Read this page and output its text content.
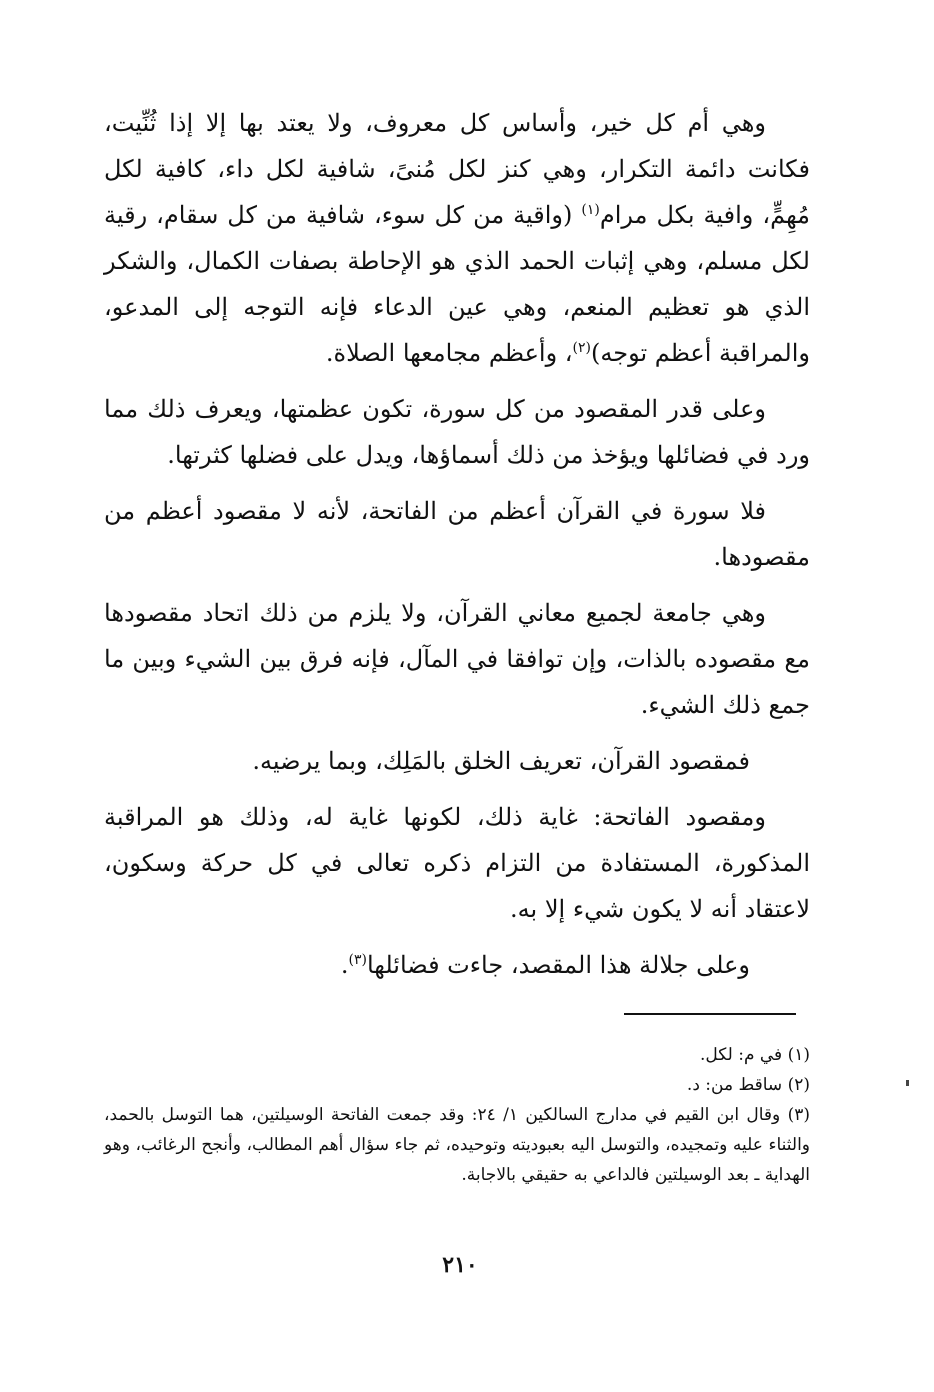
وهي أم كل خير، وأساس كل معروف، ولا يعتد بها إلا إذا ثُنِّيت، فكانت دائمة التكرار، وهي كنز لكل مُنىً، شافية لكل داء، كافية لكل مُهِمٍّ، وافية بكل مرام$^{(١)}$ (واقية من كل سوء، شافية من كل سقام، رقية لكل مسلم، وهي إثبات الحمد الذي هو الإحاطة بصفات الكمال، والشكر الذي هو تعظيم المنعم، وهي عين الدعاء فإنه التوجه إلى المدعو، والمراقبة أعظم توجه)$^{(٢)}$، وأعظم مجامعها الصلاة.

وعلى قدر المقصود من كل سورة، تكون عظمتها، ويعرف ذلك مما ورد في فضائلها ويؤخذ من ذلك أسماؤها، ويدل على فضلها كثرتها.

فلا سورة في القرآن أعظم من الفاتحة، لأنه لا مقصود أعظم من مقصودها.

وهي جامعة لجميع معاني القرآن، ولا يلزم من ذلك اتحاد مقصودها مع مقصوده بالذات، وإن توافقا في المآل، فإنه فرق بين الشيء وبين ما جمع ذلك الشيء.

فمقصود القرآن، تعريف الخلق بالمَلِك، وبما يرضيه.

ومقصود الفاتحة: غاية ذلك، لكونها غاية له، وذلك هو المراقبة المذكورة، المستفادة من التزام ذكره تعالى في كل حركة وسكون، لاعتقاد أنه لا يكون شيء إلا به.

وعلى جلالة هذا المقصد، جاءت فضائلها$^{(٣)}$.

(١) في م: لكل.

(٢) ساقط من: د.

(٣) وقال ابن القيم في مدارج السالكين ١/ ٢٤: وقد جمعت الفاتحة الوسيلتين، هما التوسل بالحمد، والثناء عليه وتمجيده، والتوسل اليه بعبوديته وتوحيده، ثم جاء سؤال أهم المطالب، وأنجح الرغائب، وهو الهداية ـ بعد الوسيلتين فالداعي به حقيقي بالاجابة.

٢١٠
